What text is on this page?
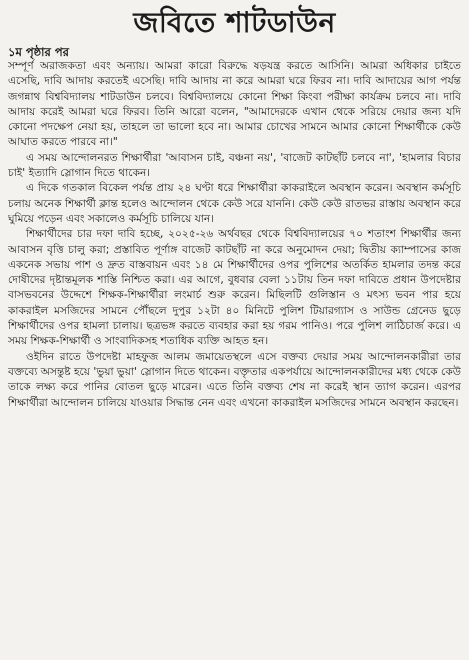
জবিতে শাটডাউন
১ম পৃষ্ঠার পর

সম্পূর্ণ অরাজকতা এবং অন্যায়। আমরা কারো বিরুদ্ধে ষড়যন্ত্র করতে আসিনি। আমরা অধিকার চাইতে এসেছি, দাবি আদায় করতেই এসেছি। দাবি আদায় না করে আমরা ঘরে ফিরব না। দাবি আদায়ের আগ পর্যন্ত জগন্নাথ বিশ্ববিদ্যালয় শাটডাউন চলবে। বিশ্ববিদ্যালয়ে কোনো শিক্ষা কিংবা পরীক্ষা কার্যক্রম চলবে না। দাবি আদায় করেই আমরা ঘরে ফিরব। তিনি আরো বলেন, "আমাদেরকে এখান থেকে সরিয়ে দেয়ার জন্য যদি কোনো পদক্ষেপ নেয়া হয়, তাহলে তা ভালো হবে না। আমার চোখের সামনে আমার কোনো শিক্ষার্থীকে কেউ আঘাত করতে পারবে না।"

এ সময় আন্দোলনরত শিক্ষার্থীরা 'আবাসন চাই, বঞ্চনা নয়', 'বাজেট কাটছাঁট চলবে না', 'হামলার বিচার চাই' ইত্যাদি স্লোগান দিতে থাকেন।

এ দিকে গতকাল বিকেল পর্যন্ত প্রায় ২৪ ঘণ্টা ধরে শিক্ষার্থীরা কাকরাইলে অবস্থান করেন। অবস্থান কর্মসূচি চলায় অনেক শিক্ষার্থী ক্লান্ত হলেও আন্দোলন থেকে কেউ সরে যাননি। কেউ কেউ রাতভর রাস্তায় অবস্থান করে ঘুমিয়ে পড়েন এবং সকালেও কর্মসূচি চালিয়ে যান।

শিক্ষার্থীদের চার দফা দাবি হচ্ছে, ২০২৫-২৬ অর্থবছর থেকে বিশ্ববিদ্যালয়ের ৭০ শতাংশ শিক্ষার্থীর জন্য আবাসন বৃত্তি চালু করা; প্রস্তাবিত পূর্ণাঙ্গ বাজেট কাটছাঁট না করে অনুমোদন দেয়া; দ্বিতীয় ক্যাম্পাসের কাজ একনেক সভায় পাশ ও দ্রুত বাস্তবায়ন এবং ১৪ মে শিক্ষার্থীদের ওপর পুলিশের অতর্কিত হামলার তদন্ত করে দোষীদের দৃষ্টান্তমূলক শাস্তি নিশ্চিত করা। এর আগে, বুধবার বেলা ১১টায় তিন দফা দাবিতে প্রধান উপদেষ্টার বাসভবনের উদ্দেশে শিক্ষক-শিক্ষার্থীরা লংমার্চ শুরু করেন। মিছিলটি গুলিস্তান ও মৎস্য ভবন পার হয়ে কাকরাইল মসজিদের সামনে পৌঁছলে দুপুর ১২টা ৪০ মিনিটে পুলিশ টিয়ারগ্যাস ও সাউন্ড গ্রেনেড ছুড়ে শিক্ষার্থীদের ওপর হামলা চালায়। ছত্রভঙ্গ করতে ব্যবহার করা হয় গরম পানিও। পরে পুলিশ লাঠিচার্জ করে। এ সময় শিক্ষক-শিক্ষার্থী ও সাংবাদিকসহ শতাধিক ব্যক্তি আহত হন।

ওইদিন রাতে উপদেষ্টা মাহফুজ আলম জমায়েতস্থলে এসে বক্তব্য দেয়ার সময় আন্দোলনকারীরা তার বক্তব্যে অসন্তুষ্ট হয়ে 'ভুয়া ভুয়া' স্লোগান দিতে থাকেন। বক্তৃতার একপর্যায়ে আন্দোলনকারীদের মধ্য থেকে কেউ তাকে লক্ষ্য করে পানির বোতল ছুড়ে মারেন। এতে তিনি বক্তব্য শেষ না করেই স্থান ত্যাগ করেন। এরপর শিক্ষার্থীরা আন্দোলন চালিয়ে যাওয়ার সিদ্ধান্ত নেন এবং এখনো কাকরাইল মসজিদের সামনে অবস্থান করছেন।
